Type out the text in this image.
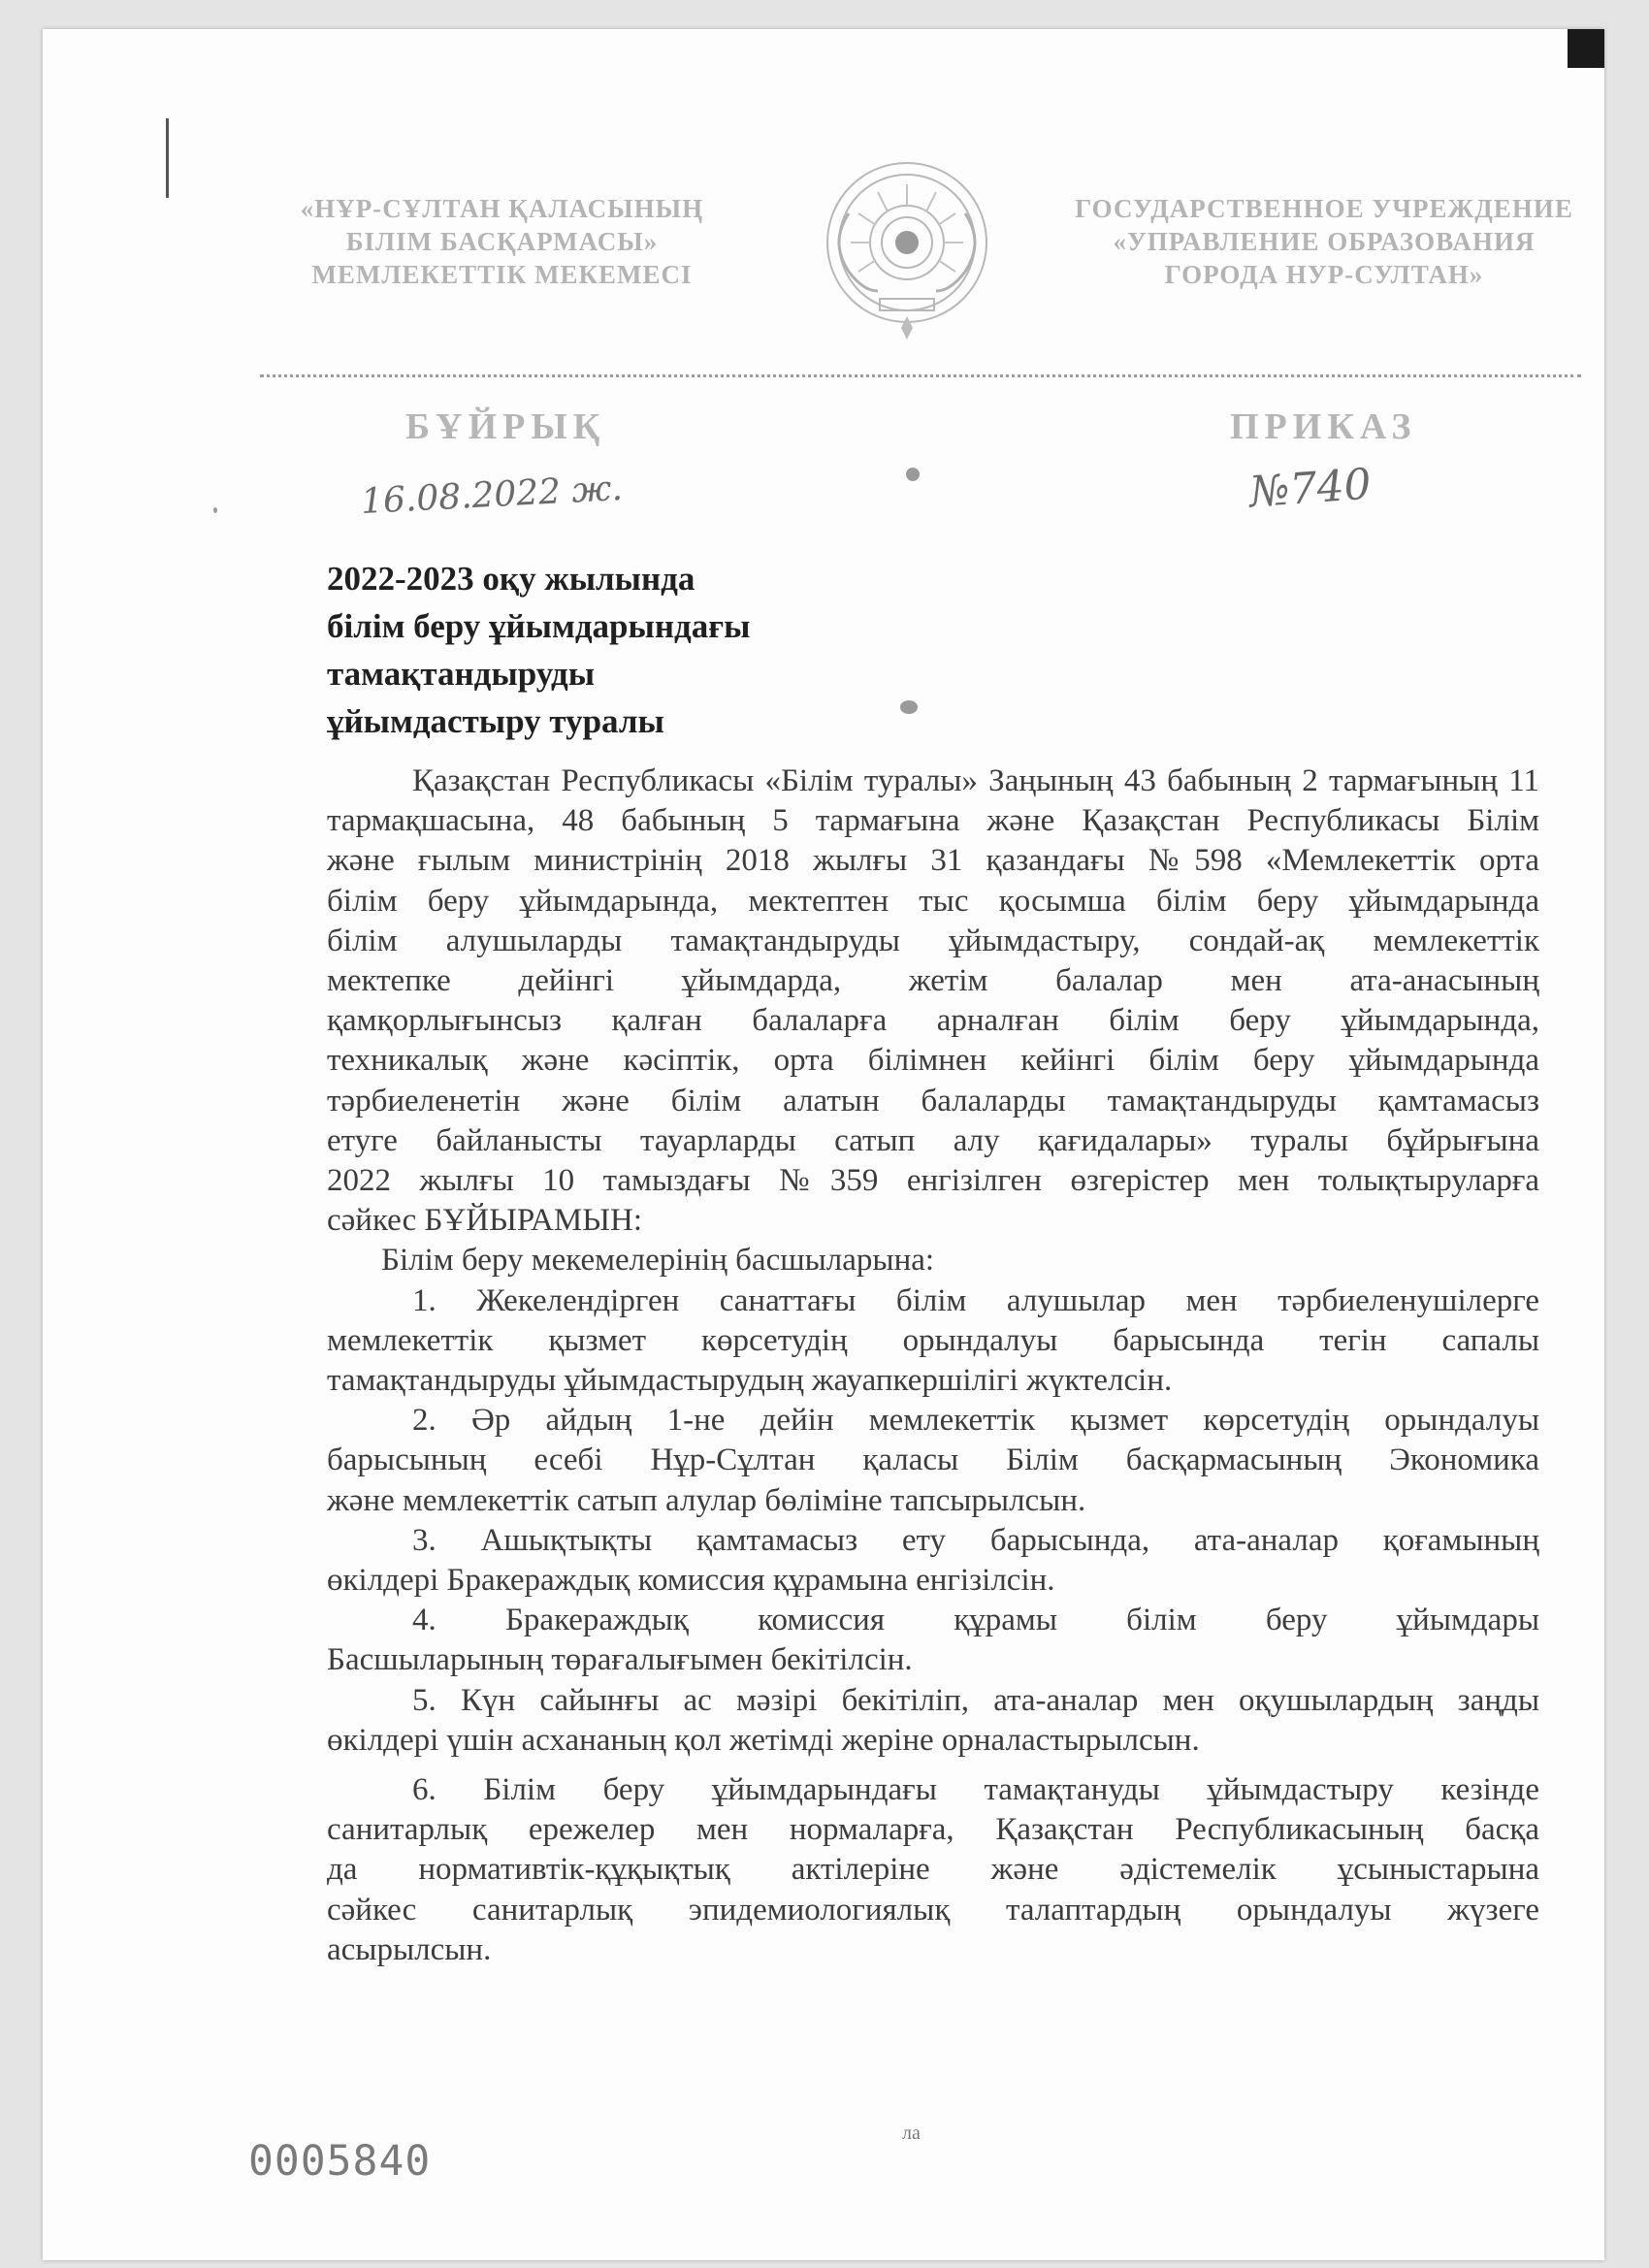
«НҰР-СҰЛТАН ҚАЛАСЫНЫҢ
БІЛІМ БАСҚАРМАСЫ»
МЕМЛЕКЕТТІК МЕКЕМЕСІ
ГОСУДАРСТВЕННОЕ УЧРЕЖДЕНИЕ
«УПРАВЛЕНИЕ ОБРАЗОВАНИЯ
ГОРОДА НУР-СУЛТАН»
БҰЙРЫҚ	ПРИКАЗ
16.08.2022 ж.	№740
2022-2023 оқу жылында
білім беру ұйымдарындағы
тамақтандыруды
ұйымдастыру туралы
Қазақстан Республикасы «Білім туралы» Заңының 43 бабының 2 тармағының 11
тармақшасына, 48 бабының 5 тармағына және Қазақстан Республикасы Білім
және ғылым министрінің 2018 жылғы 31 қазандағы №598 «Мемлекеттік орта
білім беру ұйымдарында, мектептен тыс қосымша білім беру ұйымдарында
білім алушыларды тамақтандыруды ұйымдастыру, сондай-ақ мемлекеттік
мектепке дейінгі ұйымдарда, жетім балалар мен ата-анасының
қамқорлығынсыз қалған балаларға арналған білім беру ұйымдарында,
техникалық және кәсіптік, орта білімнен кейінгі білім беру ұйымдарында
тәрбиеленетін және білім алатын балаларды тамақтандыруды қамтамасыз
етуге байланысты тауарларды сатып алу қағидалары» туралы бұйрығына
2022 жылғы 10 тамыздағы №359 енгізілген өзгерістер мен толықтыруларға
сәйкес БҰЙЫРАМЫН:
Білім беру мекемелерінің басшыларына:
1. Жекелендірген санаттағы білім алушылар мен тәрбиеленушілерге
мемлекеттік қызмет көрсетудің орындалуы барысында тегін сапалы
тамақтандыруды ұйымдастырудың жауапкершілігі жүктелсін.
2. Әр айдың 1-не дейін мемлекеттік қызмет көрсетудің орындалуы
барысының есебі Нұр-Сұлтан қаласы Білім басқармасының Экономика
және мемлекеттік сатып алулар бөліміне тапсырылсын.
3. Ашықтықты қамтамасыз ету барысында, ата-аналар қоғамының
өкілдері Бракераждық комиссия құрамына енгізілсін.
4. Бракераждық комиссия құрамы білім беру ұйымдары
Басшыларының төрағалығымен бекітілсін.
5. Күн сайынғы ас мәзірі бекітіліп, ата-аналар мен оқушылардың заңды
өкілдері үшін асхананың қол жетімді жеріне орналастырылсын.
6. Білім беру ұйымдарындағы тамақтануды ұйымдастыру кезінде
санитарлық ережелер мен нормаларға, Қазақстан Республикасының басқа
да нормативтік-құқықтық актілеріне және әдістемелік ұсыныстарына
сәйкес санитарлық эпидемиологиялық талаптардың орындалуы жүзеге
асырылсын.
ла
0005840
